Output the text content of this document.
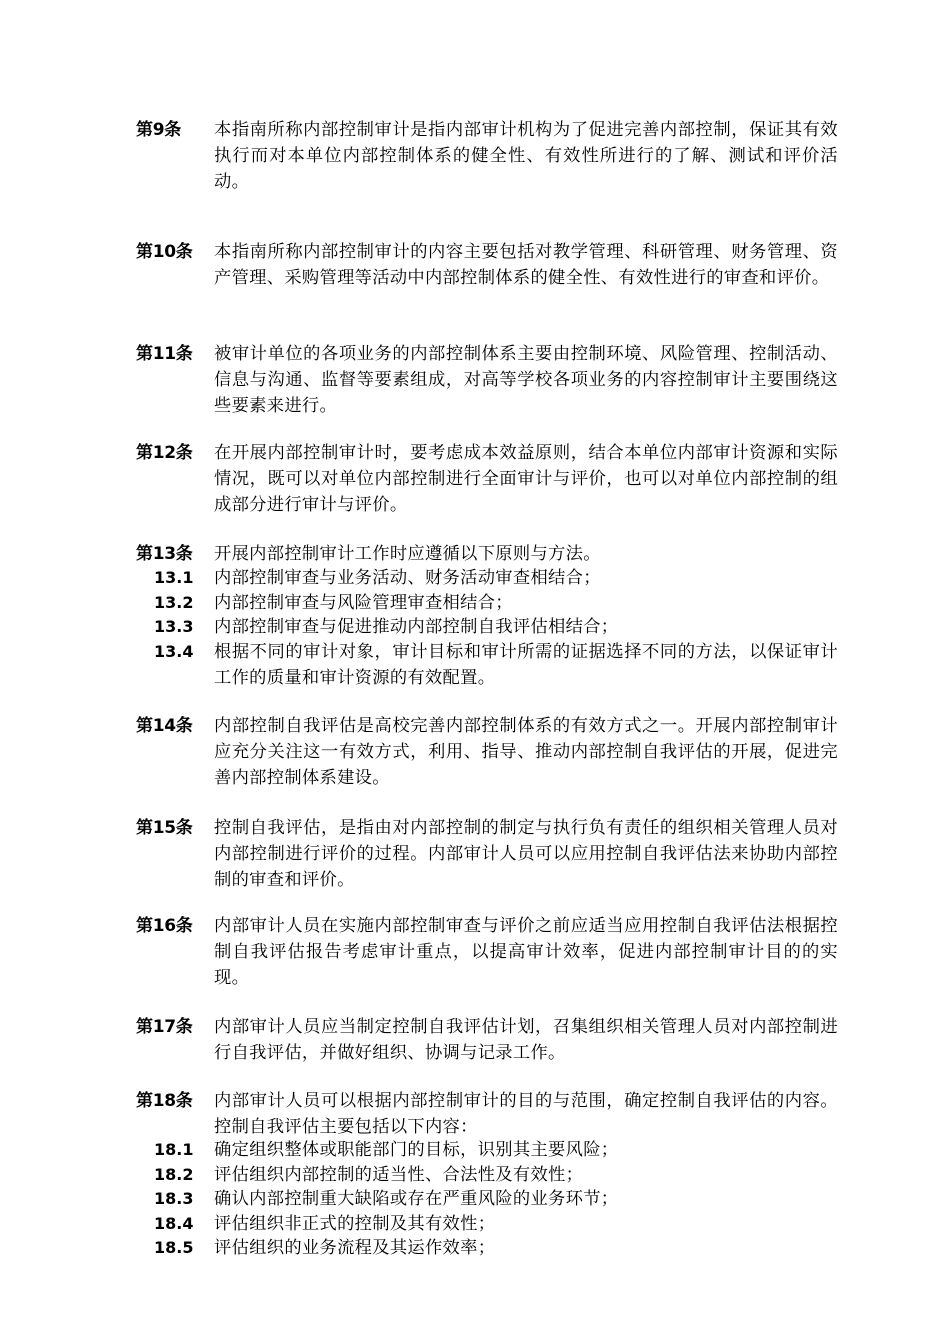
第9条 本指南所称内部控制审计是指内部审计机构为了促进完善内部控制，保证其有效执行而对本单位内部控制体系的健全性、有效性所进行的了解、测试和评价活动。
第10条 本指南所称内部控制审计的内容主要包括对教学管理、科研管理、财务管理、资产管理、采购管理等活动中内部控制体系的健全性、有效性进行的审查和评价。
第11条 被审计单位的各项业务的内部控制体系主要由控制环境、风险管理、控制活动、信息与沟通、监督等要素组成，对高等学校各项业务的内容控制审计主要围绕这些要素来进行。
第12条 在开展内部控制审计时，要考虑成本效益原则，结合本单位内部审计资源和实际情况，既可以对单位内部控制进行全面审计与评价，也可以对单位内部控制的组成部分进行审计与评价。
第13条 开展内部控制审计工作时应遵循以下原则与方法。
13.1 内部控制审查与业务活动、财务活动审查相结合；
13.2 内部控制审查与风险管理审查相结合；
13.3 内部控制审查与促进推动内部控制自我评估相结合；
13.4 根据不同的审计对象，审计目标和审计所需的证据选择不同的方法，以保证审计工作的质量和审计资源的有效配置。
第14条 内部控制自我评估是高校完善内部控制体系的有效方式之一。开展内部控制审计应充分关注这一有效方式，利用、指导、推动内部控制自我评估的开展，促进完善内部控制体系建设。
第15条 控制自我评估，是指由对内部控制的制定与执行负有责任的组织相关管理人员对内部控制进行评价的过程。内部审计人员可以应用控制自我评估法来协助内部控制的审查和评价。
第16条 内部审计人员在实施内部控制审查与评价之前应适当应用控制自我评估法根据控制自我评估报告考虑审计重点，以提高审计效率，促进内部控制审计目的的实现。
第17条 内部审计人员应当制定控制自我评估计划，召集组织相关管理人员对内部控制进行自我评估，并做好组织、协调与记录工作。
第18条 内部审计人员可以根据内部控制审计的目的与范围，确定控制自我评估的内容。控制自我评估主要包括以下内容：
18.1 确定组织整体或职能部门的目标，识别其主要风险；
18.2 评估组织内部控制的适当性、合法性及有效性；
18.3 确认内部控制重大缺陷或存在严重风险的业务环节；
18.4 评估组织非正式的控制及其有效性；
18.5 评估组织的业务流程及其运作效率；
